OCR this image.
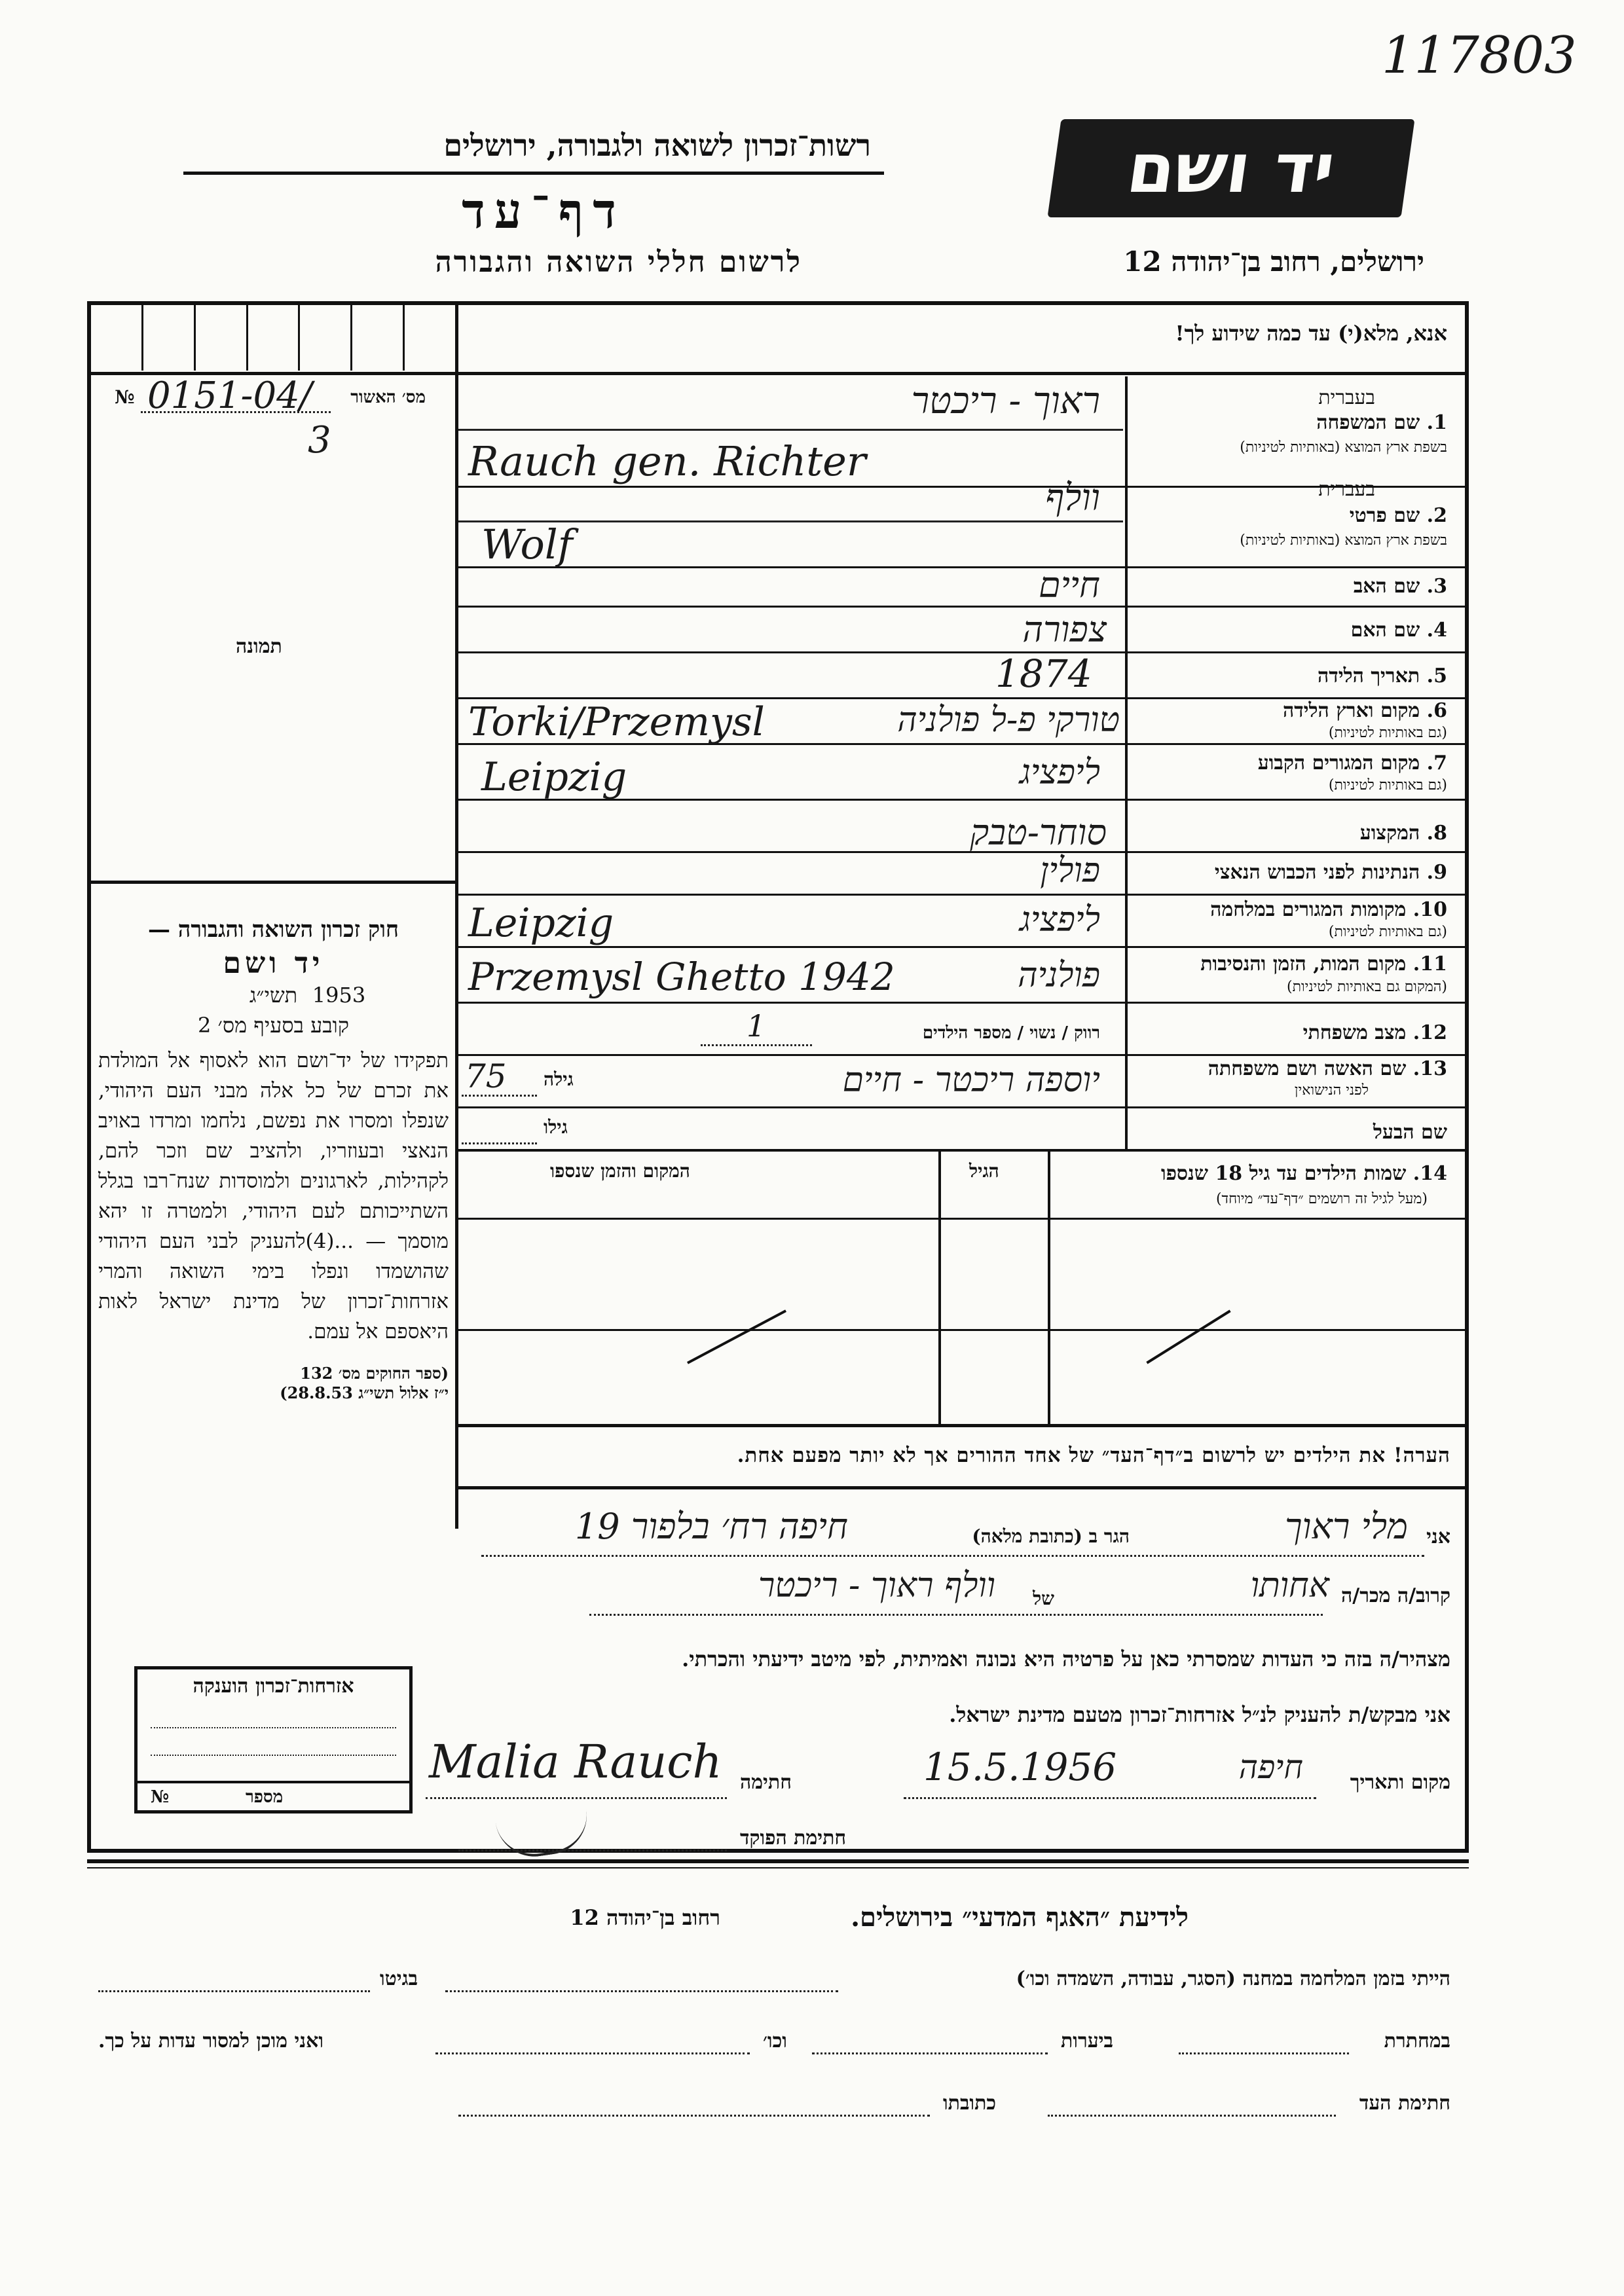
117803
יד ושם
רשות־זכרון לשואה ולגבורה, ירושלים
דף־עד
לרשום חללי השואה והגבורה	ירושלים, רחוב בן־יהודה 12
אנא, מלא(י) עד כמה שידוע לך!
מס׳ האשור
№ 0151-04/
3
תמונה
חוק זכרון השואה והגבורה —
יד ושם
תשי״ג 1953
קובע בסעיף מס׳ 2
תפקידו של יד־ושם הוא לאסוף אל המולדת את זכרם של כל אלה מבני העם היהודי, שנפלו ומסרו את נפשם, נלחמו ומרדו באויב הנאצי ובעוזריו, ולהציב שם וזכר להם, לקהילות, לארגונים ולמוסדות שנח־רבו בגלל השתייכותם לעם היהודי, ולמטרה זו יהא מוסמך — ...(4)להעניק לבני העם היהודי שהושמדו ונפלו בימי השואה והמרי אזרחות־זכרון של מדינת ישראל לאות היאספם אל עמם.
(ספר החוקים מס׳ 132
י״ז אלול תשי״ג 28.8.53)
בעברית
1. שם המשפחה
בשפת ארץ המוצא (באותיות לטיניות)
ראוך - ריכטר
Rauch gen. Richter
בעברית
2. שם פרטי
בשפת ארץ המוצא (באותיות לטיניות)
וולף
Wolf
3. שם האב
חיים
4. שם האם
צפורה
5. תאריך הלידה
1874
6. מקום וארץ הלידה
(גם באותיות לטיניות)
טורקי פ-ל פולניה
Torki/Przemysl
7. מקום המגורים הקבוע
(גם באותיות לטיניות)
ליפציג
Leipzig
8. המקצוע
סוחר-טבק
9. הנתינות לפני הכבוש הנאצי
פולין
10. מקומות המגורים במלחמה
(גם באותיות לטיניות)
ליפציג
Leipzig
11. מקום המות, הזמן והנסיבות
(המקום גם באותיות לטיניות)
פולניה
Przemysl Ghetto 1942
12. מצב משפחתי
רווק / נשוי / מספר הילדים
1
13. שם האשה ושם משפחתה
לפני הנישואין
יוספה ריכטר - חיים
גילה
75
שם הבעל
גילו
14. שמות הילדים עד גיל 18 שנספו
(מעל לגיל זה רושמים ״דף־עד״ מיוחד)
הגיל
המקום והזמן שנספו
הערה! את הילדים יש לרשום ב״דף־העד״ של אחד ההורים אך לא יותר מפעם אחת.
אני
מלי ראוך
הגר ב (כתובת מלאה)
חיפה רח׳ בלפור 19
קרוב/ה מכר/ה
אחותו
של
וולף ראוך - ריכטר
מצהיר/ה בזה כי העדות שמסרתי כאן על פרטיה היא נכונה ואמיתית, לפי מיטב ידיעתי והכרתי.
אני מבקש/ת להעניק לנ״ל אזרחות־זכרון מטעם מדינת ישראל.
מקום ותאריך
חיפה
15.5.1956
חתימה
Malia Rauch
חתימת הפוקד
אזרחות־זכרון הוענקה
מספר
№
לידיעת ״האגף המדעי״ בירושלים.
רחוב בן־יהודה 12
הייתי בזמן המלחמה במחנה (הסגר, עבודה, השמדה וכו׳)
בגיטו
במחתרת
ביערות
וכו׳
ואני מוכן למסור עדות על כך.
חתימת העד
כתובתו
